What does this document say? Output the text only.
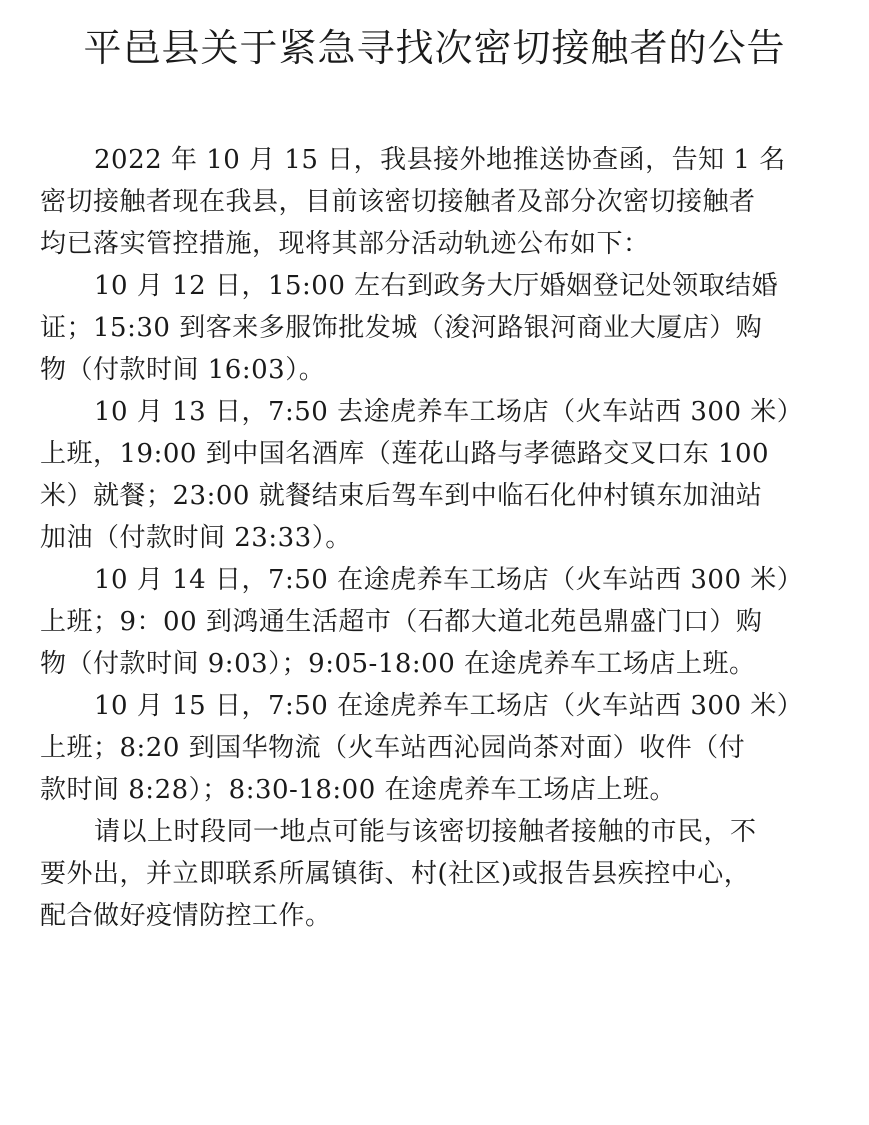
平邑县关于紧急寻找次密切接触者的公告

2022 年 10 月 15 日，我县接外地推送协查函，告知 1 名
密切接触者现在我县，目前该密切接触者及部分次密切接触者
均已落实管控措施，现将其部分活动轨迹公布如下：

10 月 12 日，15:00 左右到政务大厅婚姻登记处领取结婚
证；15:30 到客来多服饰批发城（浚河路银河商业大厦店）购
物（付款时间 16:03）。

10 月 13 日，7:50 去途虎养车工场店（火车站西 300 米）
上班，19:00 到中国名酒库（莲花山路与孝德路交叉口东 100
米）就餐；23:00 就餐结束后驾车到中临石化仲村镇东加油站
加油（付款时间 23:33）。

10 月 14 日，7:50 在途虎养车工场店（火车站西 300 米）
上班；9：00 到鸿通生活超市（石都大道北苑邑鼎盛门口）购
物（付款时间 9:03）；9:05-18:00 在途虎养车工场店上班。

10 月 15 日，7:50 在途虎养车工场店（火车站西 300 米）
上班；8:20 到国华物流（火车站西沁园尚茶对面）收件（付
款时间 8:28）；8:30-18:00 在途虎养车工场店上班。

请以上时段同一地点可能与该密切接触者接触的市民，不
要外出，并立即联系所属镇街、村(社区)或报告县疾控中心，
配合做好疫情防控工作。
